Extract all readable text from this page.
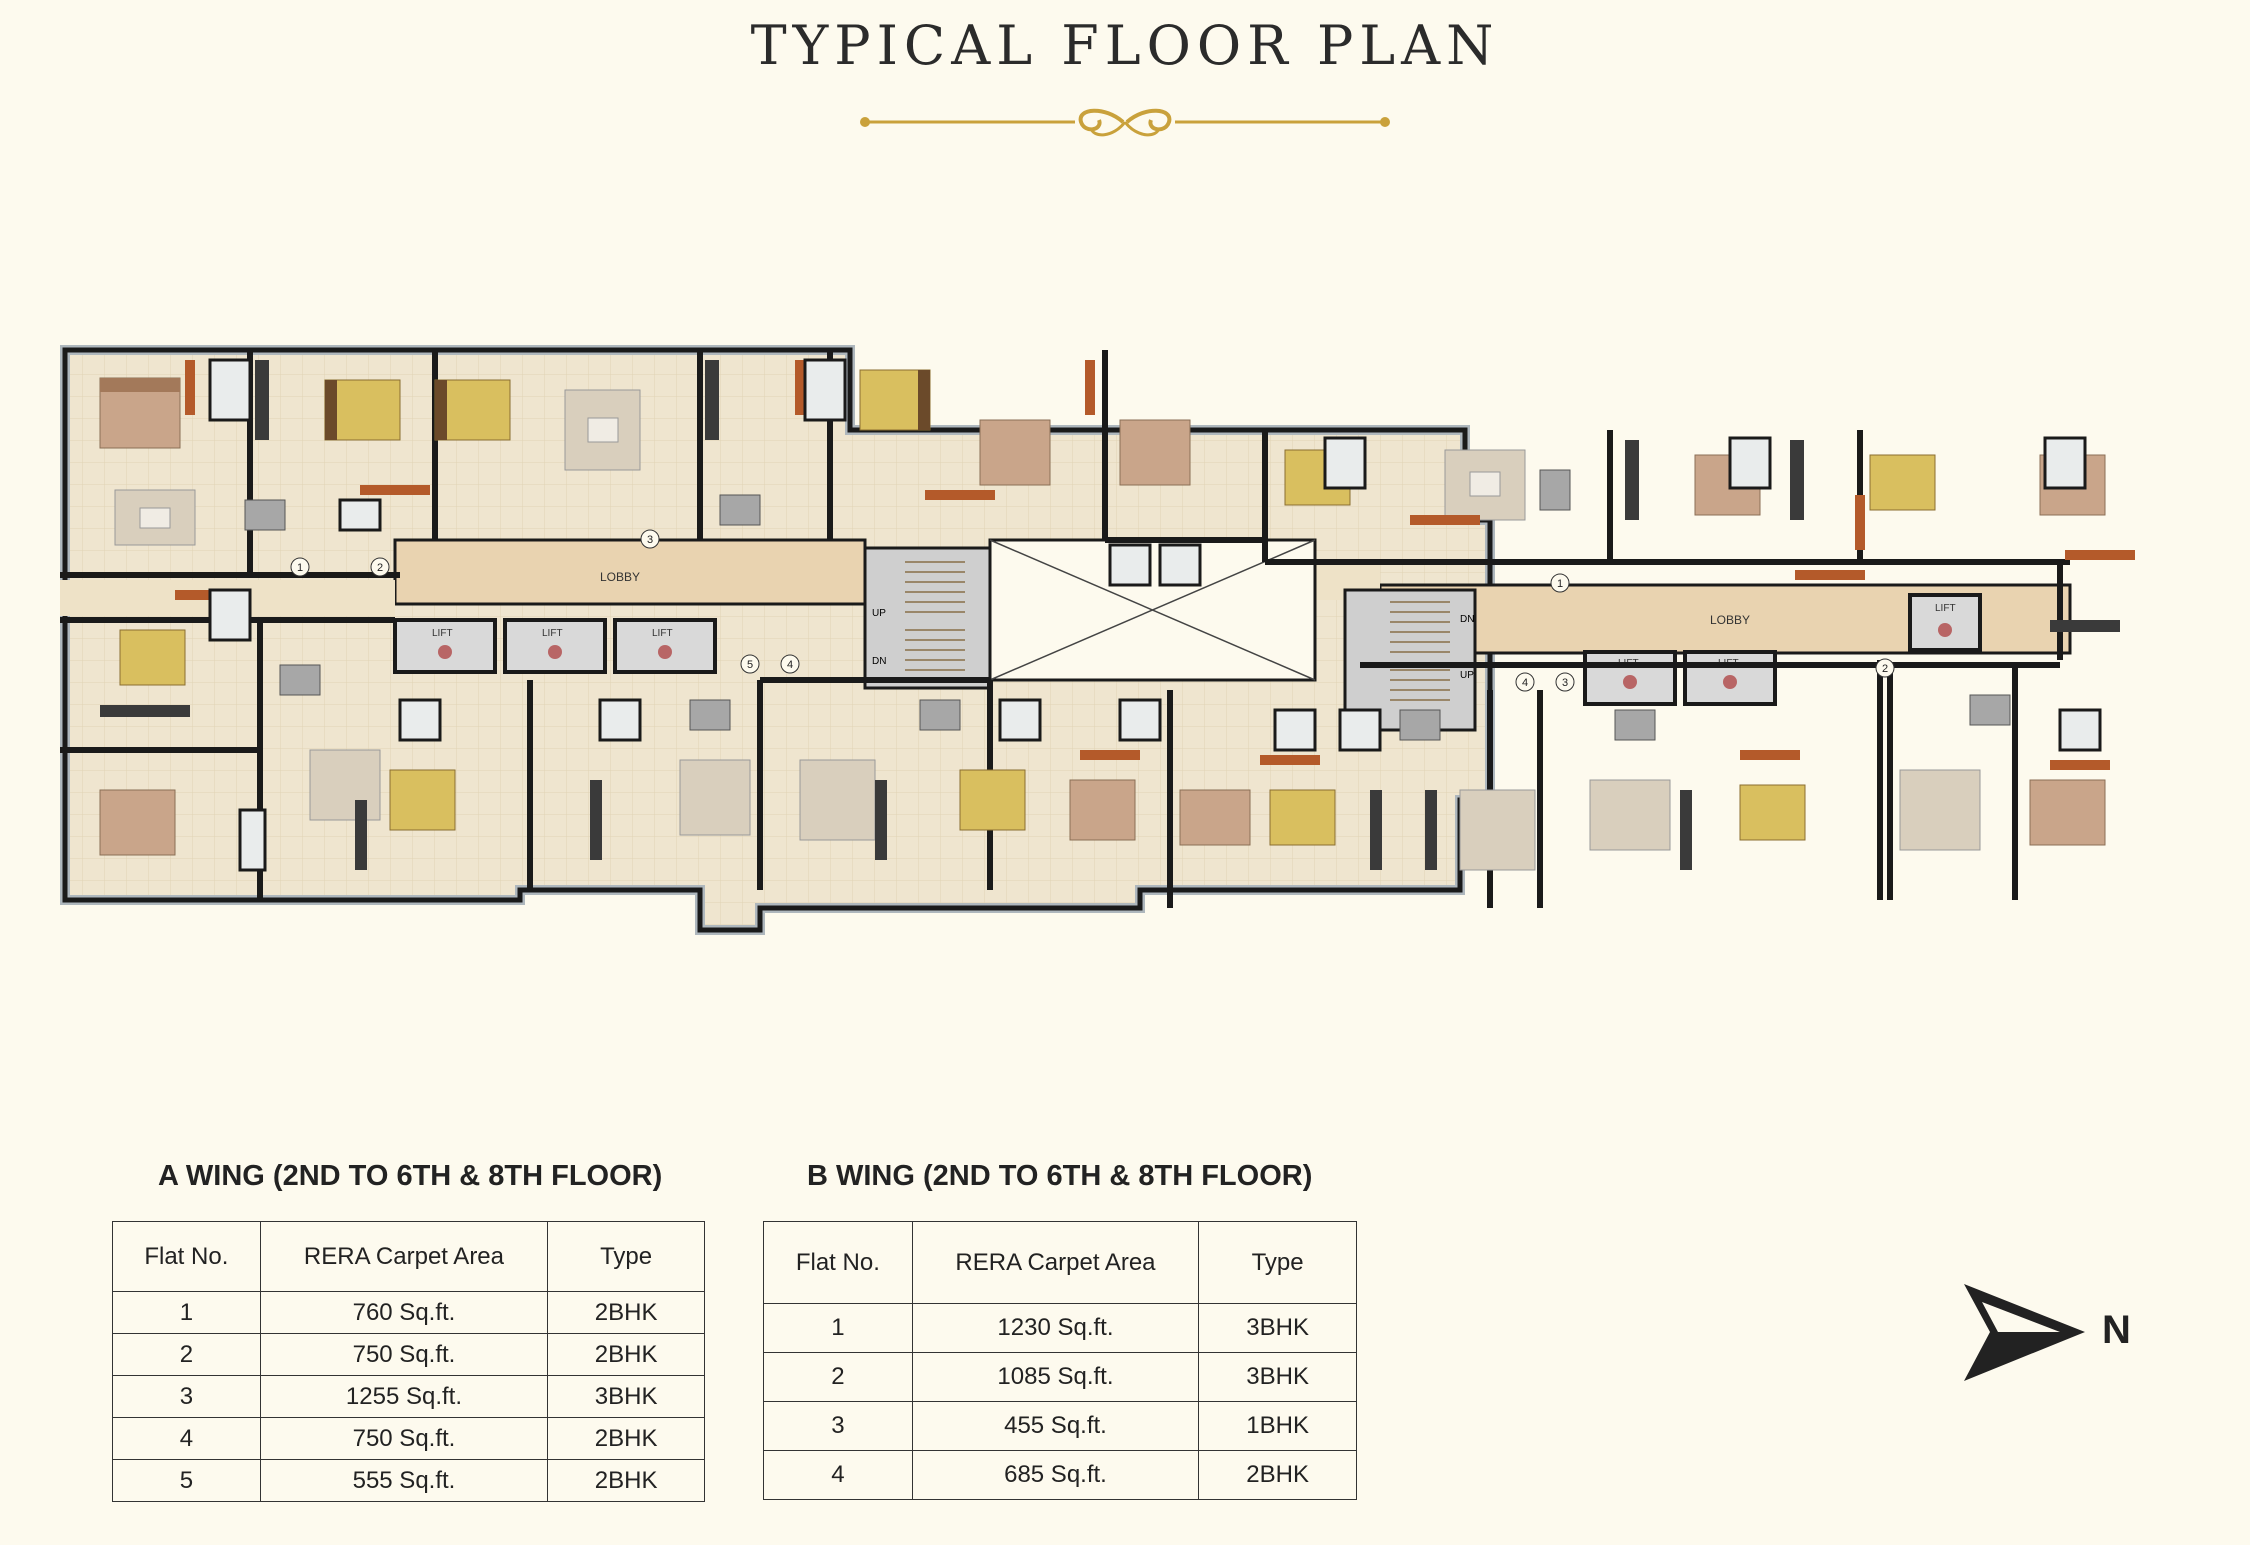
TYPICAL FLOOR PLAN
LOBBY
LOBBY
UP
DN
DN
UP
LIFT	LIFT	LIFT
LIFT	LIFT
LIFT
1	2
3
4
5
1
2
3
4
A WING (2ND TO 6TH & 8TH FLOOR)
Flat No.	RERA Carpet Area	Type
1	760 Sq.ft.	2BHK
2	750 Sq.ft.	2BHK
3	1255 Sq.ft.	3BHK
4	750 Sq.ft.	2BHK
5	555 Sq.ft.	2BHK
B WING (2ND TO 6TH & 8TH FLOOR)
Flat No.	RERA Carpet Area	Type
1	1230 Sq.ft.	3BHK
2	1085 Sq.ft.	3BHK
3	455 Sq.ft.	1BHK
4	685 Sq.ft.	2BHK
N
